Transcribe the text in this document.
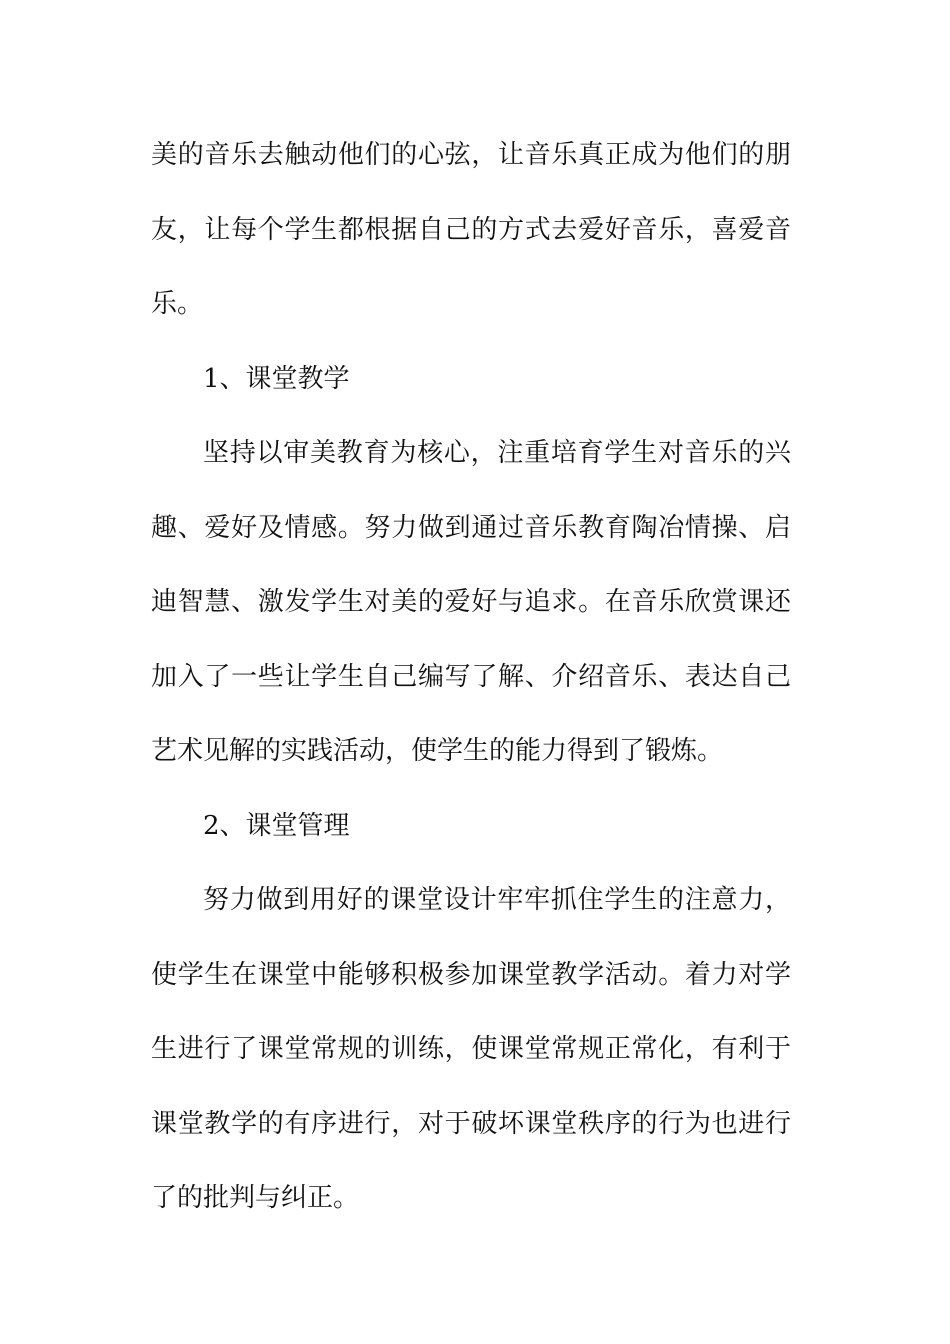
美的音乐去触动他们的心弦，让音乐真正成为他们的朋友，让每个学生都根据自己的方式去爱好音乐，喜爱音乐。

1、课堂教学

坚持以审美教育为核心，注重培育学生对音乐的兴趣、爱好及情感。努力做到通过音乐教育陶冶情操、启迪智慧、激发学生对美的爱好与追求。在音乐欣赏课还加入了一些让学生自己编写了解、介绍音乐、表达自己艺术见解的实践活动，使学生的能力得到了锻炼。

2、课堂管理

努力做到用好的课堂设计牢牢抓住学生的注意力，使学生在课堂中能够积极参加课堂教学活动。着力对学生进行了课堂常规的训练，使课堂常规正常化，有利于课堂教学的有序进行，对于破坏课堂秩序的行为也进行了的批判与纠正。
